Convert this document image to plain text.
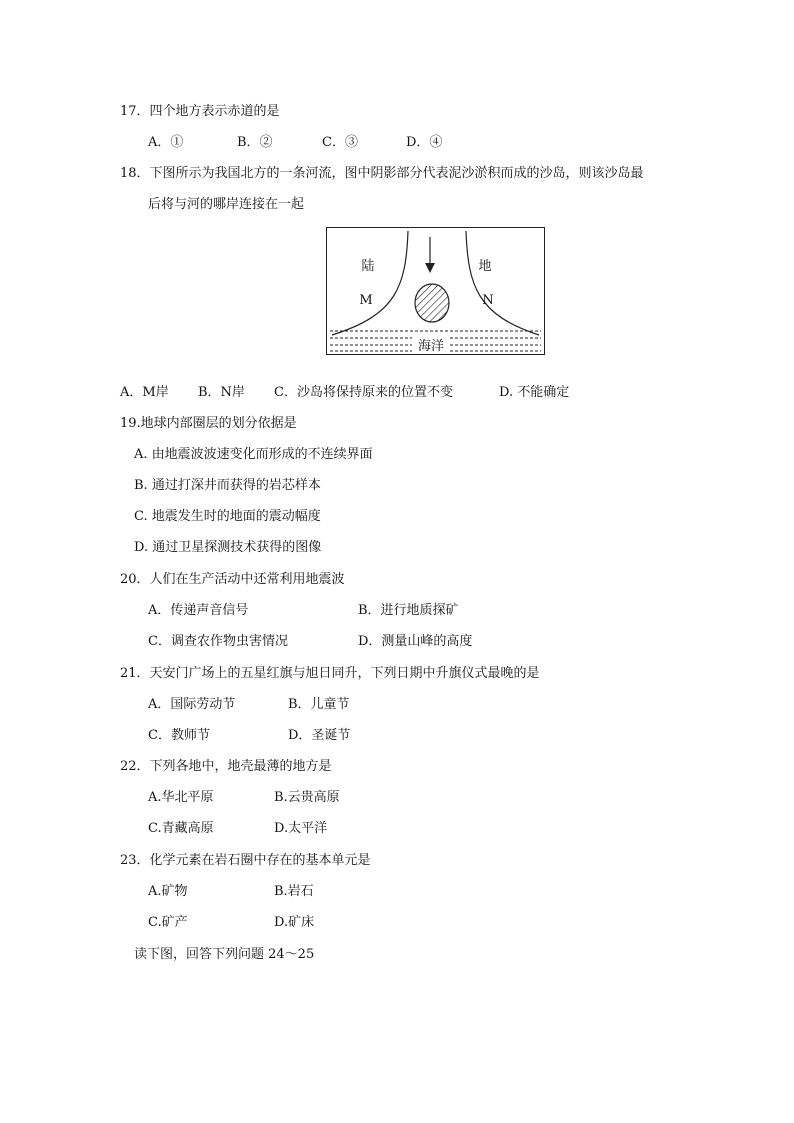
17．四个地方表示赤道的是
A．①	B．②	C．③	D．④
18．下图所示为我国北方的一条河流，图中阴影部分代表泥沙淤积而成的沙岛，则该沙岛最
后将与河的哪岸连接在一起
海洋
陆	地
M	N
A．M岸 B．N岸 C．沙岛将保持原来的位置不变	D. 不能确定
19.地球内部圈层的划分依据是
A. 由地震波波速变化而形成的不连续界面
B. 通过打深井而获得的岩芯样本
C. 地震发生时的地面的震动幅度
D. 通过卫星探测技术获得的图像
20．人们在生产活动中还常利用地震波
A．传递声音信号	B．进行地质探矿
C．调查农作物虫害情况	D．测量山峰的高度
21．天安门广场上的五星红旗与旭日同升，下列日期中升旗仪式最晚的是
A．国际劳动节	B．儿童节
C．教师节	D．圣诞节
22．下列各地中，地壳最薄的地方是
A.华北平原	B.云贵高原
C.青藏高原	D.太平洋
23．化学元素在岩石圈中存在的基本单元是
A.矿物	B.岩石
C.矿产	D.矿床
读下图，回答下列问题 24～25
